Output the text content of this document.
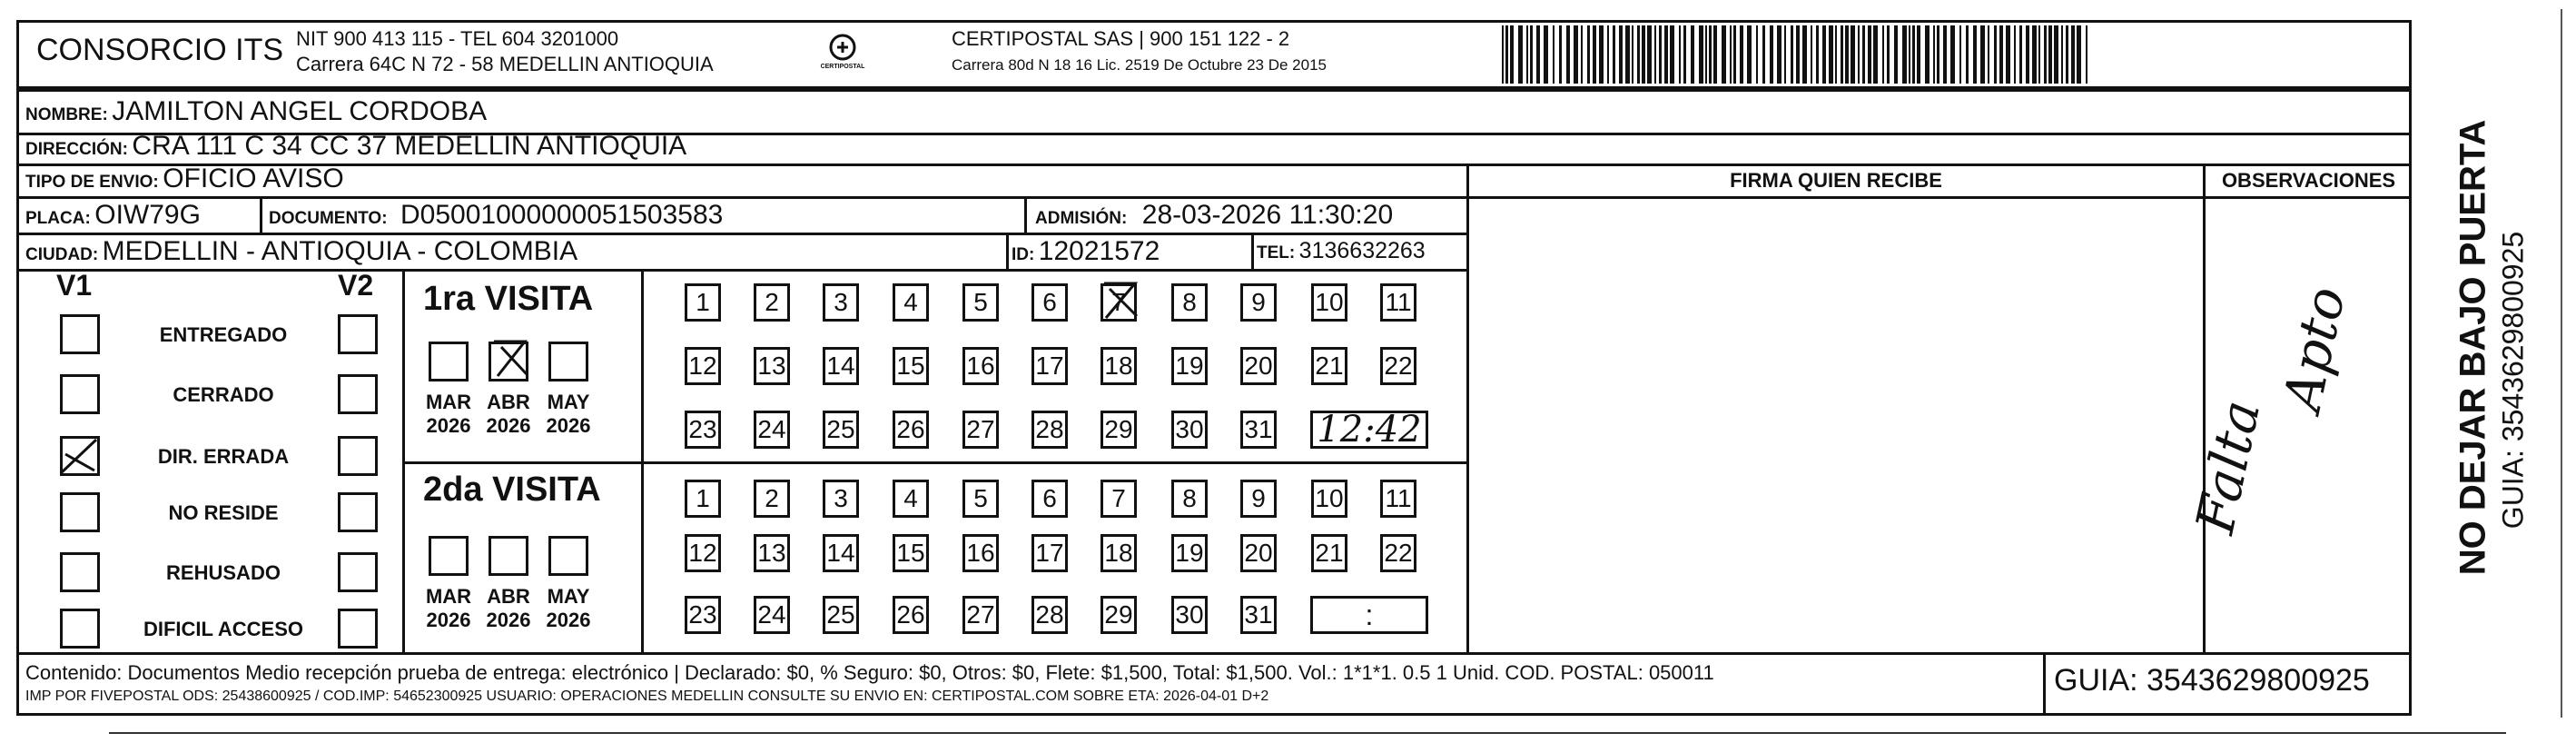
CONSORCIO ITS NIT 900 413 115 - TEL 604 3201000
Carrera 64C N 72 - 58 MEDELLIN ANTIOQUIA	CERTIPOSTAL
CERTIPOSTAL SAS | 900 151 122 - 2
Carrera 80d N 18 16 Lic. 2519 De Octubre 23 De 2015
NOMBRE: JAMILTON ANGEL CORDOBA
DIRECCIÓN: CRA 111 C 34 CC 37 MEDELLIN ANTIOQUIA
TIPO DE ENVIO: OFICIO AVISO
PLACA: OIW79G	DOCUMENTO: D05001000000051503583	ADMISIÓN: 28-03-2026 11:30:20
CIUDAD: MEDELLIN - ANTIOQUIA - COLOMBIA	ID: 12021572	TEL: 3136632263
FIRMA QUIEN RECIBE	OBSERVACIONES
Falta
Apto
V1	V2
ENTREGADO
CERRADO
DIR. ERRADA
NO RESIDE
REHUSADO
DIFICIL ACCESO
1ra VISITA
MAR
2026
ABR
2026
MAY
2026
1	2	3	4	5	6	7	8	9	10 11
12 13 14 15 16 17 18 19 20 21 22
23 24 25 26 27 28 29 30 31 12:42
2da VISITA
MAR
2026
ABR
2026
MAY
2026
1	2	3	4	5	6	7	8	9	10 11
12 13 14 15 16 17 18 19 20 21 22
23 24 25 26 27 28 29 30 31	:
Contenido: Documentos Medio recepción prueba de entrega: electrónico | Declarado: $0, % Seguro: $0, Otros: $0, Flete: $1,500, Total: $1,500. Vol.: 1*1*1. 0.5 1 Unid. COD. POSTAL: 050011
IMP POR FIVEPOSTAL ODS: 25438600925 / COD.IMP: 54652300925 USUARIO: OPERACIONES MEDELLIN CONSULTE SU ENVIO EN: CERTIPOSTAL.COM SOBRE ETA: 2026-04-01 D+2	GUIA: 3543629800925
NO DEJAR BAJO PUERTA GUIA: 3543629800925
